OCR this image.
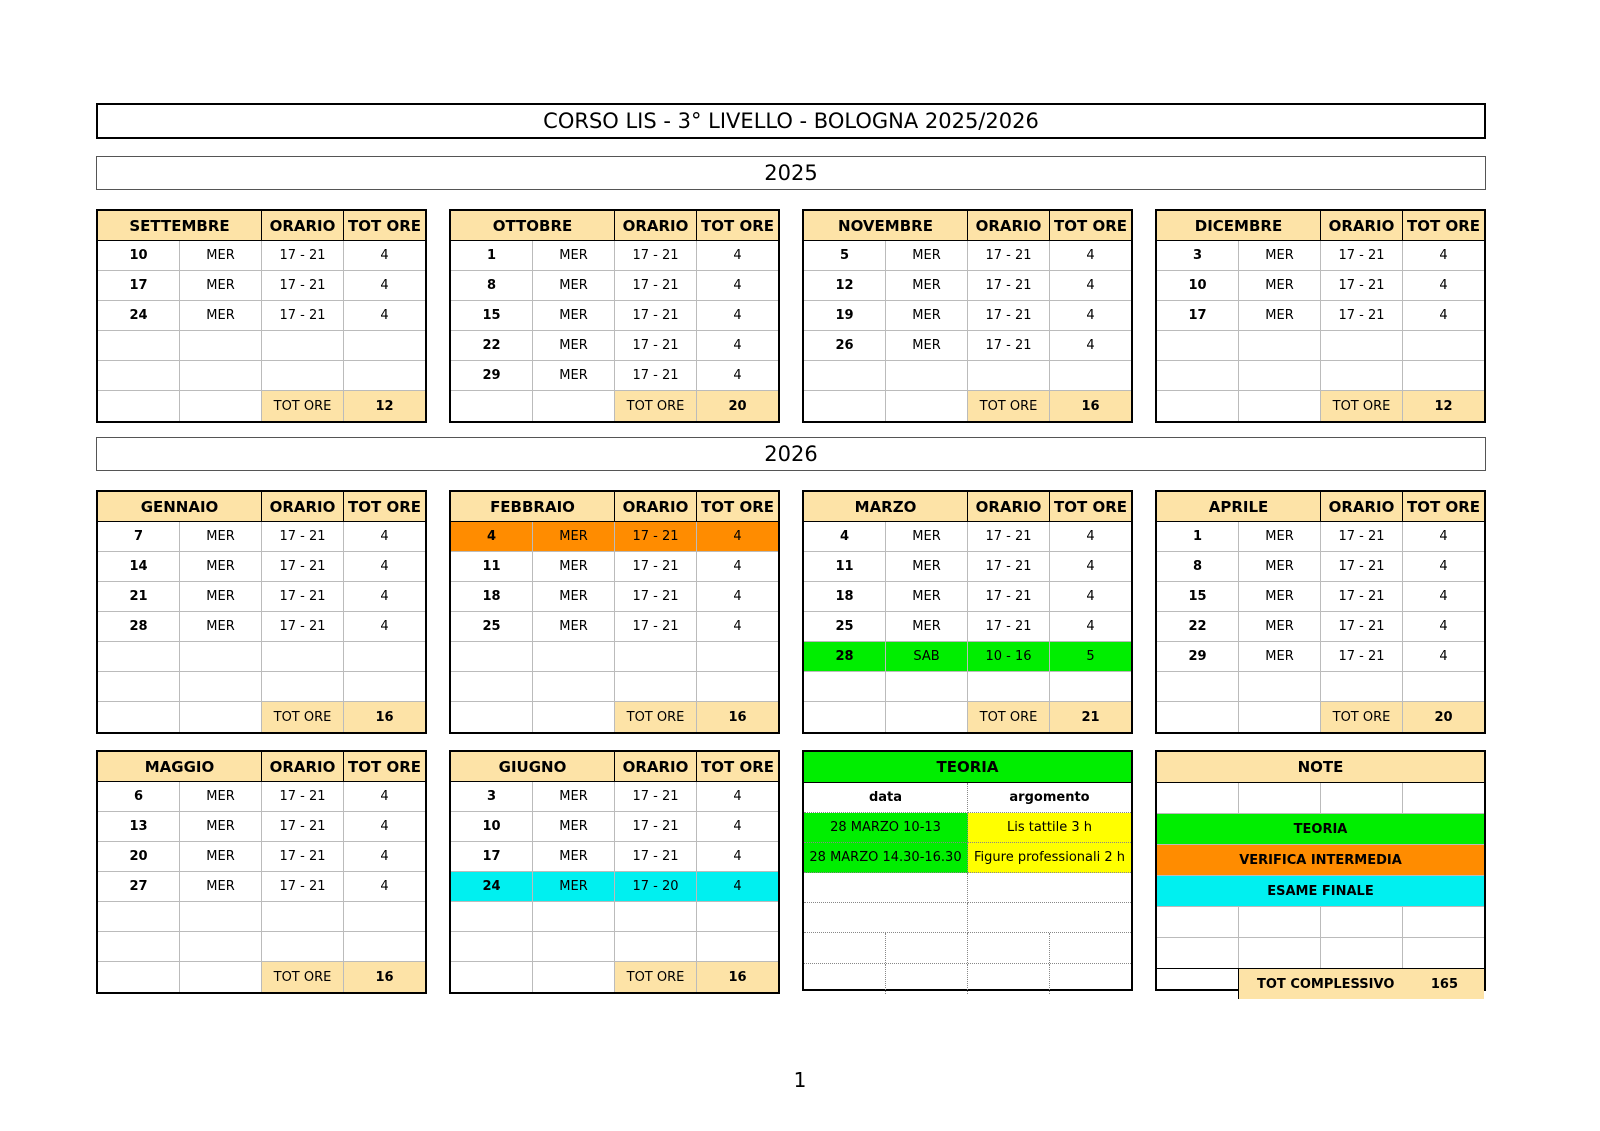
CORSO LIS - 3° LIVELLO - BOLOGNA 2025/2026
2025
2026
SETTEMBRE	ORARIO TOT ORE
10	MER	17 - 21	4
17	MER	17 - 21	4
24	MER	17 - 21	4
TOT ORE	12
OTTOBRE	ORARIO TOT ORE
1	MER	17 - 21	4
8	MER	17 - 21	4
15	MER	17 - 21	4
22	MER	17 - 21	4
29	MER	17 - 21	4
TOT ORE	20
NOVEMBRE	ORARIO TOT ORE
5	MER	17 - 21	4
12	MER	17 - 21	4
19	MER	17 - 21	4
26	MER	17 - 21	4
TOT ORE	16
DICEMBRE	ORARIO TOT ORE
3	MER	17 - 21	4
10	MER	17 - 21	4
17	MER	17 - 21	4
TOT ORE	12
GENNAIO	ORARIO TOT ORE
7	MER	17 - 21	4
14	MER	17 - 21	4
21	MER	17 - 21	4
28	MER	17 - 21	4
TOT ORE	16
FEBBRAIO	ORARIO TOT ORE
4	MER	17 - 21	4
11	MER	17 - 21	4
18	MER	17 - 21	4
25	MER	17 - 21	4
TOT ORE	16
MARZO	ORARIO TOT ORE
4	MER	17 - 21	4
11	MER	17 - 21	4
18	MER	17 - 21	4
25	MER	17 - 21	4
28	SAB	10 - 16	5
TOT ORE	21
APRILE	ORARIO TOT ORE
1	MER	17 - 21	4
8	MER	17 - 21	4
15	MER	17 - 21	4
22	MER	17 - 21	4
29	MER	17 - 21	4
TOT ORE	20
MAGGIO	ORARIO TOT ORE
6	MER	17 - 21	4
13	MER	17 - 21	4
20	MER	17 - 21	4
27	MER	17 - 21	4
TOT ORE	16
GIUGNO	ORARIO TOT ORE
3	MER	17 - 21	4
10	MER	17 - 21	4
17	MER	17 - 21	4
24	MER	17 - 20	4
TOT ORE	16
TEORIA
data	argomento
28 MARZO 10-13	Lis tattile 3 h
28 MARZO 14.30-16.30 Figure professionali 2 h
NOTE
TEORIA
VERIFICA INTERMEDIA
ESAME FINALE
TOT COMPLESSIVO	165
1
